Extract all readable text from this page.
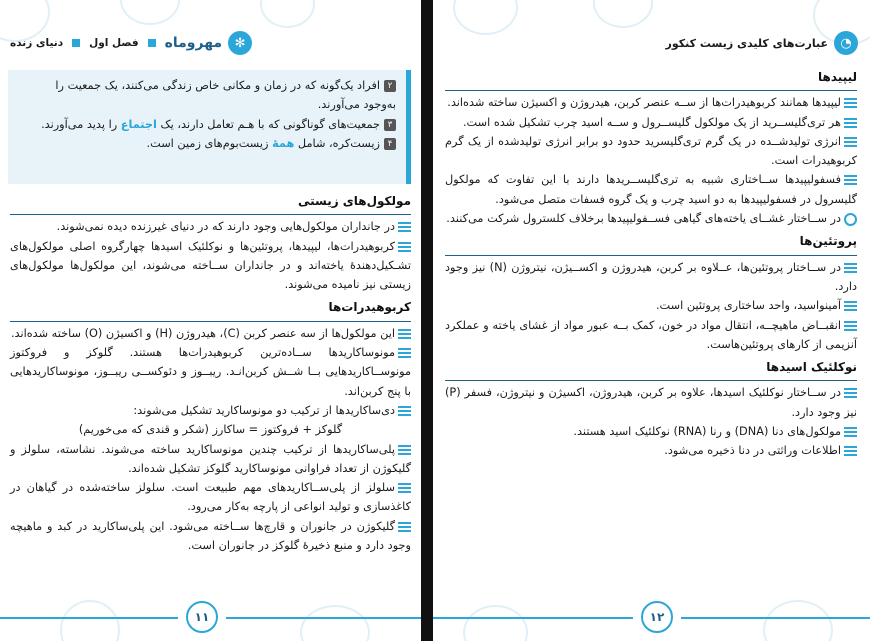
✻
مهروماه
فصل اول
دنیای زنده
۲افراد یک‌گونه که در زمان و مکانی خاص زندگی می‌کنند، یک جمعیت را به‌وجود می‌آورند.
۳جمعیت‌های گوناگونی که با هـم تعامل دارند، یک اجتماع را پدید می‌آورند.
۴زیست‌کره، شامل همهٔ زیست‌بوم‌های زمین است.
مولکول‌های زیستی
در جانداران مولکول‌هایی وجود دارند که در دنیای غیرزنده دیده نمی‌شوند.
کربوهیدرات‌ها، لیپیدها، پروتئین‌ها و نوکلئیک اسیدها چهارگروه اصلی مولکول‌های تشـکیل‌دهندهٔ یاخته‌اند و در جانداران ســاخته می‌شوند، این مولکول‌ها مولکول‌های زیستی نیز نامیده می‌شوند.
کربوهیدرات‌ها
این مولکول‌ها از سه عنصر کربن (C)، هیدروژن (H) و اکسیژن (O) ساخته شده‌اند.
مونوساکاریدها ســاده‌ترین کربوهیدرات‌ها هستند. گلوکز و فروکتوز مونوســاکاریدهایی بــا شــش کربن‌انـد. ریبــوز و دئوکســی ریبــوز، مونوساکاریدهایی با پنج کربن‌اند.
دی‌ساکاریدها از ترکیب دو مونوساکارید تشکیل می‌شوند:
گلوکز + فروکتوز = ساکارز (شکر و قندی که می‌خوریم)
پلی‌ساکاریدها از ترکیب چندین مونوساکارید ساخته می‌شوند. نشاسته، سلولز و گلیکوژن از تعداد فراوانی مونوساکارید گلوکز تشکیل شده‌اند.
سلولز از پلی‌ســاکاریدهای مهم طبیعت است. سلولز ساخته‌شده در گیاهان در کاغذسازی و تولید انواعی از پارچه به‌کار می‌رود.
گلیکوژن در جانوران و قارچ‌ها ســاخته می‌شود. این پلی‌ساکارید در کبد و ماهیچه وجود دارد و منبع ذخیرهٔ گلوکز در جانوران است.
۱۱
◔
عبارت‌های کلیدی زیست کنکور
لیپیدها
لیپیدها همانند کربوهیدرات‌ها از ســه عنصر کربن، هیدروژن و اکسیژن ساخته شده‌اند.
هر تری‌گلیســرید از یک مولکول گلیســرول و ســه اسید چرب تشکیل شده است.
انرژی تولیدشــده در یک گرم تری‌گلیسرید حدود دو برابر انرژی تولیدشده از یک گرم کربوهیدرات است.
فسفولیپیدها ســاختاری شبیه به تری‌گلیســریدها دارند با این تفاوت که مولکول گلیسرول در فسفولیپیدها به دو اسید چرب و یک گروه فسفات متصل می‌شود.
در ســاختار غشــای یاخته‌های گیاهی فســفولیپیدها برخلاف کلسترول شرکت می‌کنند.
پروتئین‌ها
در ســاختار پروتئین‌ها، عــلاوه بر کربن، هیدروژن و اکســیژن، نیتروژن (N) نیز وجود دارد.
آمینواسید، واحد ساختاری پروتئین است.
انقبــاض ماهیچــه، انتقال مواد در خون، کمک بــه عبور مواد از غشای یاخته و عملکرد آنزیمی از کارهای پروتئین‌هاست.
نوکلئیک اسیدها
در ســاختار نوکلئیک اسیدها، علاوه بر کربن، هیدروژن، اکسیژن و نیتروژن، فسفر (P) نیز وجود دارد.
مولکول‌های دنا (DNA) و رنا (RNA) نوکلئیک اسید هستند.
اطلاعات وراثتی در دنا ذخیره می‌شود.
۱۲
